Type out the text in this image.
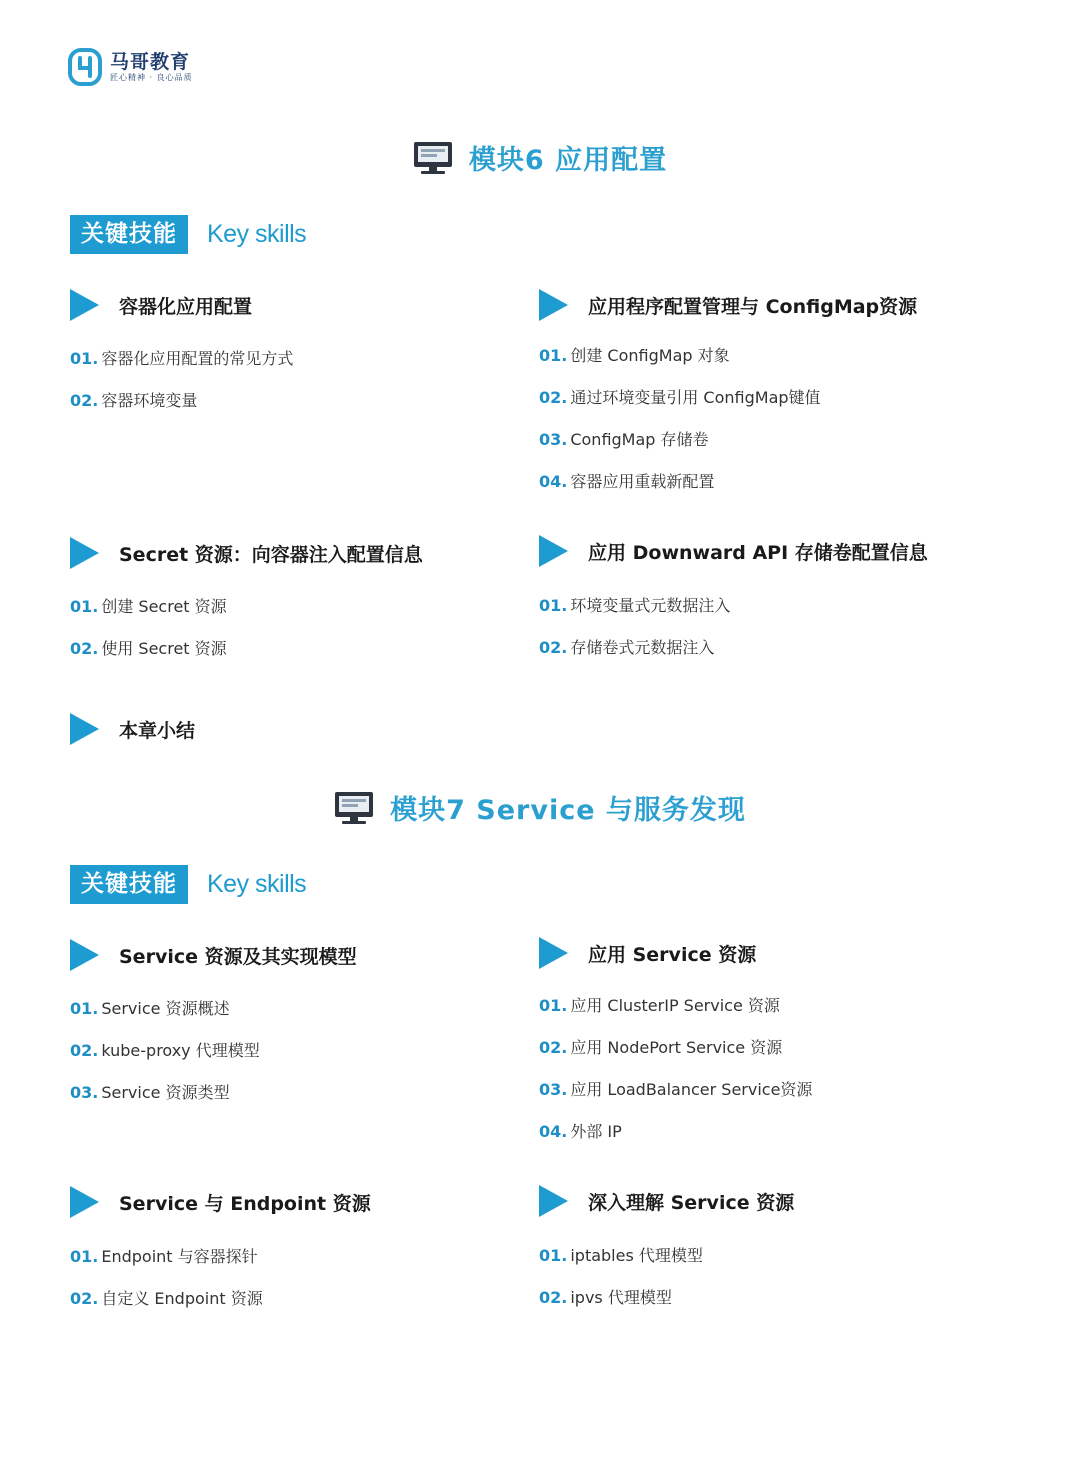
马哥教育
匠心精神 · 良心品质
模块6 应用配置
关键技能	Key skills
容器化应用配置
01. 容器化应用配置的常见方式
02. 容器环境变量
应用程序配置管理与 ConfigMap资源
01. 创建 ConfigMap 对象
02. 通过环境变量引用 ConfigMap键值
03. ConfigMap 存储卷
04. 容器应用重载新配置
Secret 资源：向容器注入配置信息
01. 创建 Secret 资源
02. 使用 Secret 资源
应用 Downward API 存储卷配置信息
01. 环境变量式元数据注入
02. 存储卷式元数据注入
本章小结
模块7 Service 与服务发现
关键技能	Key skills
Service 资源及其实现模型
01. Service 资源概述
02. kube-proxy 代理模型
03. Service 资源类型
应用 Service 资源
01. 应用 ClusterIP Service 资源
02. 应用 NodePort Service 资源
03. 应用 LoadBalancer Service资源
04. 外部 IP
Service 与 Endpoint 资源
01. Endpoint 与容器探针
02. 自定义 Endpoint 资源
深入理解 Service 资源
01. iptables 代理模型
02. ipvs 代理模型
